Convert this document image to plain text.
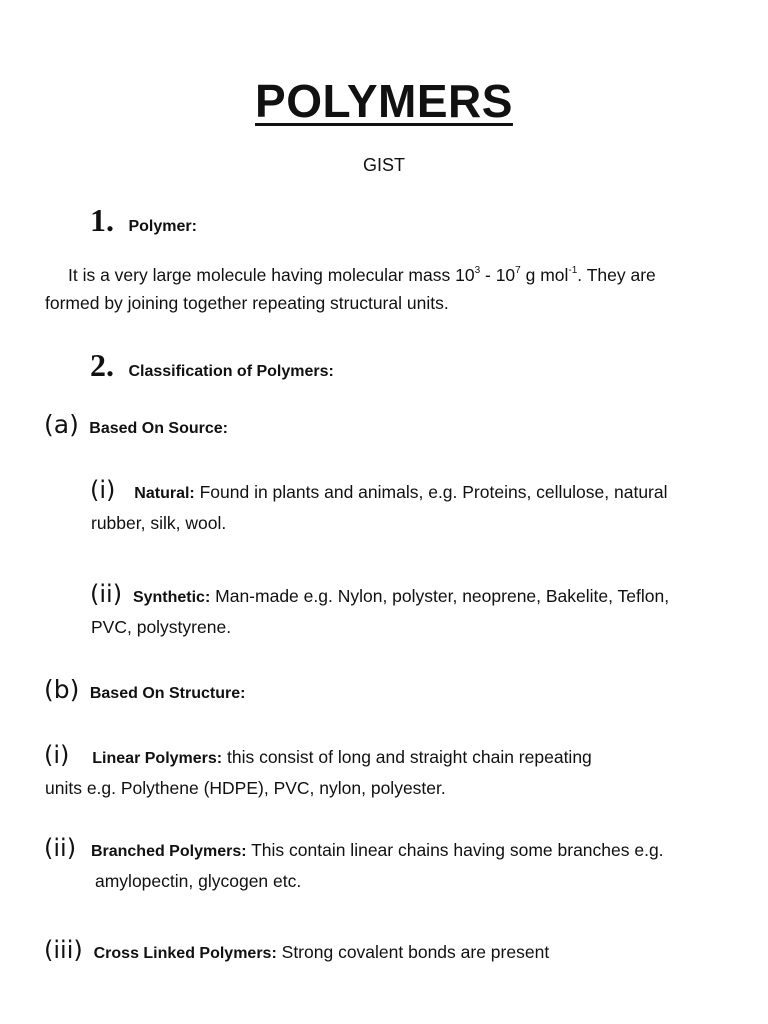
POLYMERS
GIST
1. Polymer:
It is a very large molecule having molecular mass $10^3 - 10^7$ g mol$^{-1}$. They are
formed by joining together repeating structural units.
2. Classification of Polymers:
(a) Based On Source:
(i) Natural: Found in plants and animals, e.g. Proteins, cellulose, natural
rubber, silk, wool.
(ii) Synthetic: Man-made e.g. Nylon, polyster, neoprene, Bakelite, Teflon,
PVC, polystyrene.
(b) Based On Structure:
(i) Linear Polymers: this consist of long and straight chain repeating
units e.g. Polythene (HDPE), PVC, nylon, polyester.
(ii) Branched Polymers: This contain linear chains having some branches e.g.
amylopectin, glycogen etc.
(iii) Cross Linked Polymers: Strong covalent bonds are present
